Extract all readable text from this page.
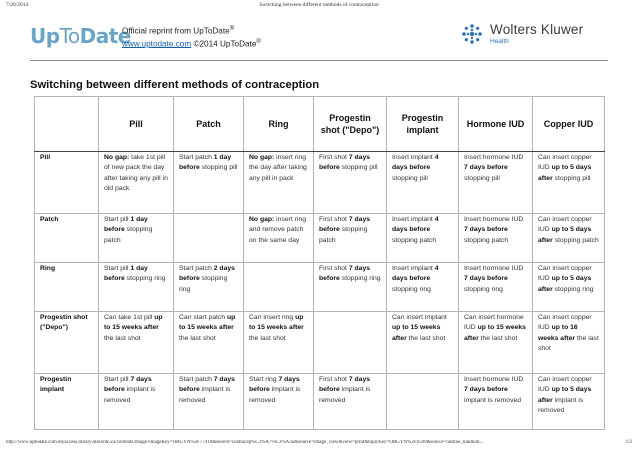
7/20/2014	Switching between different methods of contraception
UpToDate
Official reprint from UpToDate®
www.uptodate.com ©2014 UpToDate®
Wolters Kluwer
Health
Switching between different methods of contraception
	Pill	Patch	Ring	Progestin shot ("Depo")	Progestin implant	Hormone IUD	Copper IUD
Pill	No gap: take 1st pill of new pack the day after taking any pill in old pack	Start patch 1 day before stopping pill	No gap: insert ring the day after taking any pill in pack	First shot 7 days before stopping pill	Insert implant 4 days before stopping pill	Insert hormone IUD 7 days before stopping pill	Can insert copper IUD up to 5 days after stopping pill
Patch	Start pill 1 day before stopping patch		No gap: insert ring and remove patch on the same day	First shot 7 days before stopping patch	Insert implant 4 days before stopping patch	Insert hormone IUD 7 days before stopping patch	Can insert copper IUD up to 5 days after stopping patch
Ring	Start pill 1 day before stopping ring	Start patch 2 days before stopping ring		First shot 7 days before stopping ring	Insert implant 4 days before stopping ring	Insert hormone IUD 7 days before stopping ring	Can insert copper IUD up to 5 days after stopping ring
Progestin shot ("Depo")	Can take 1st pill up to 15 weeks after the last shot	Can start patch up to 15 weeks after the last shot	Can insert ring up to 15 weeks after the last shot		Can insert implant up to 15 weeks after the last shot	Can insert hormone IUD up to 15 weeks after the last shot	Can insert copper IUD up to 16 weeks after the last shot
Progestin implant	Start pill 7 days before implant is removed	Start patch 7 days before implant is removed	Start ring 7 days before implant is removed	First shot 7 days before implant is removed		Insert hormone IUD 7 days before implant is removed	Can insert copper IUD up to 5 days after implant is removed
http://www.uptodate.com.myaccess.library.utoronto.ca/contents/image?imageKey=OBGYN%2F77410&search=contracep%C3%A7%C3%A3o&source=image_view&view=print&topicKey=OBGYN%2F6599&source=outline_link&uti...	1/2
